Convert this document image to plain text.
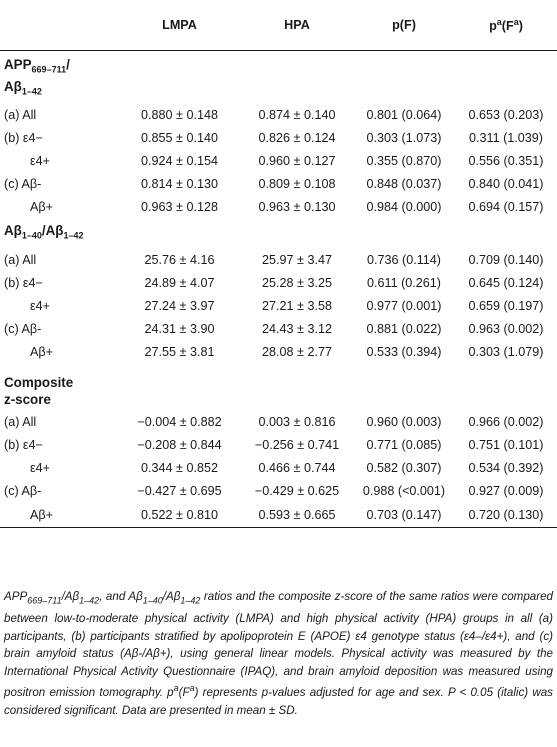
	LMPA	HPA	p(F)	$p^a(F^a)$
$APP_{669-711}/$
$A\beta_{1-42}$
(a) All	0.880 ± 0.148	0.874 ± 0.140	0.801 (0.064)	0.653 (0.203)
(b) ε4−	0.855 ± 0.140	0.826 ± 0.124	0.303 (1.073)	0.311 (1.039)
ε4+	0.924 ± 0.154	0.960 ± 0.127	0.355 (0.870)	0.556 (0.351)
(c) Aβ-	0.814 ± 0.130	0.809 ± 0.108	0.848 (0.037)	0.840 (0.041)
Aβ+	0.963 ± 0.128	0.963 ± 0.130	0.984 (0.000)	0.694 (0.157)
$A\beta_{1-40}/A\beta_{1-42}$
(a) All	25.76 ± 4.16	25.97 ± 3.47	0.736 (0.114)	0.709 (0.140)
(b) ε4−	24.89 ± 4.07	25.28 ± 3.25	0.611 (0.261)	0.645 (0.124)
ε4+	27.24 ± 3.97	27.21 ± 3.58	0.977 (0.001)	0.659 (0.197)
(c) Aβ-	24.31 ± 3.90	24.43 ± 3.12	0.881 (0.022)	0.963 (0.002)
Aβ+	27.55 ± 3.81	28.08 ± 2.77	0.533 (0.394)	0.303 (1.079)
Composite
z-score				
(a) All	−0.004 ± 0.882	0.003 ± 0.816	0.960 (0.003)	0.966 (0.002)
(b) ε4−	−0.208 ± 0.844	−0.256 ± 0.741	0.771 (0.085)	0.751 (0.101)
ε4+	0.344 ± 0.852	0.466 ± 0.744	0.582 (0.307)	0.534 (0.392)
(c) Aβ-	−0.427 ± 0.695	−0.429 ± 0.625	0.988 (<0.001)	0.927 (0.009)
Aβ+	0.522 ± 0.810	0.593 ± 0.665	0.703 (0.147)	0.720 (0.130)

$APP_{669-711}/A\beta_{1-42}$, and $A\beta_{1-40}/A\beta_{1-42}$ ratios and the composite z-score of the same ratios were compared between low-to-moderate physical activity (LMPA) and high physical activity (HPA) groups in all (a) participants, (b) participants stratified by apolipoprotein E (APOE) ε4 genotype status (ε4–/ε4+), and (c) brain amyloid status (Aβ-/Aβ+), using general linear models. Physical activity was measured by the International Physical Activity Questionnaire (IPAQ), and brain amyloid deposition was measured using positron emission tomography. $p^a(F^a)$ represents p-values adjusted for age and sex. P < 0.05 (italic) was considered significant. Data are presented in mean ± SD.
